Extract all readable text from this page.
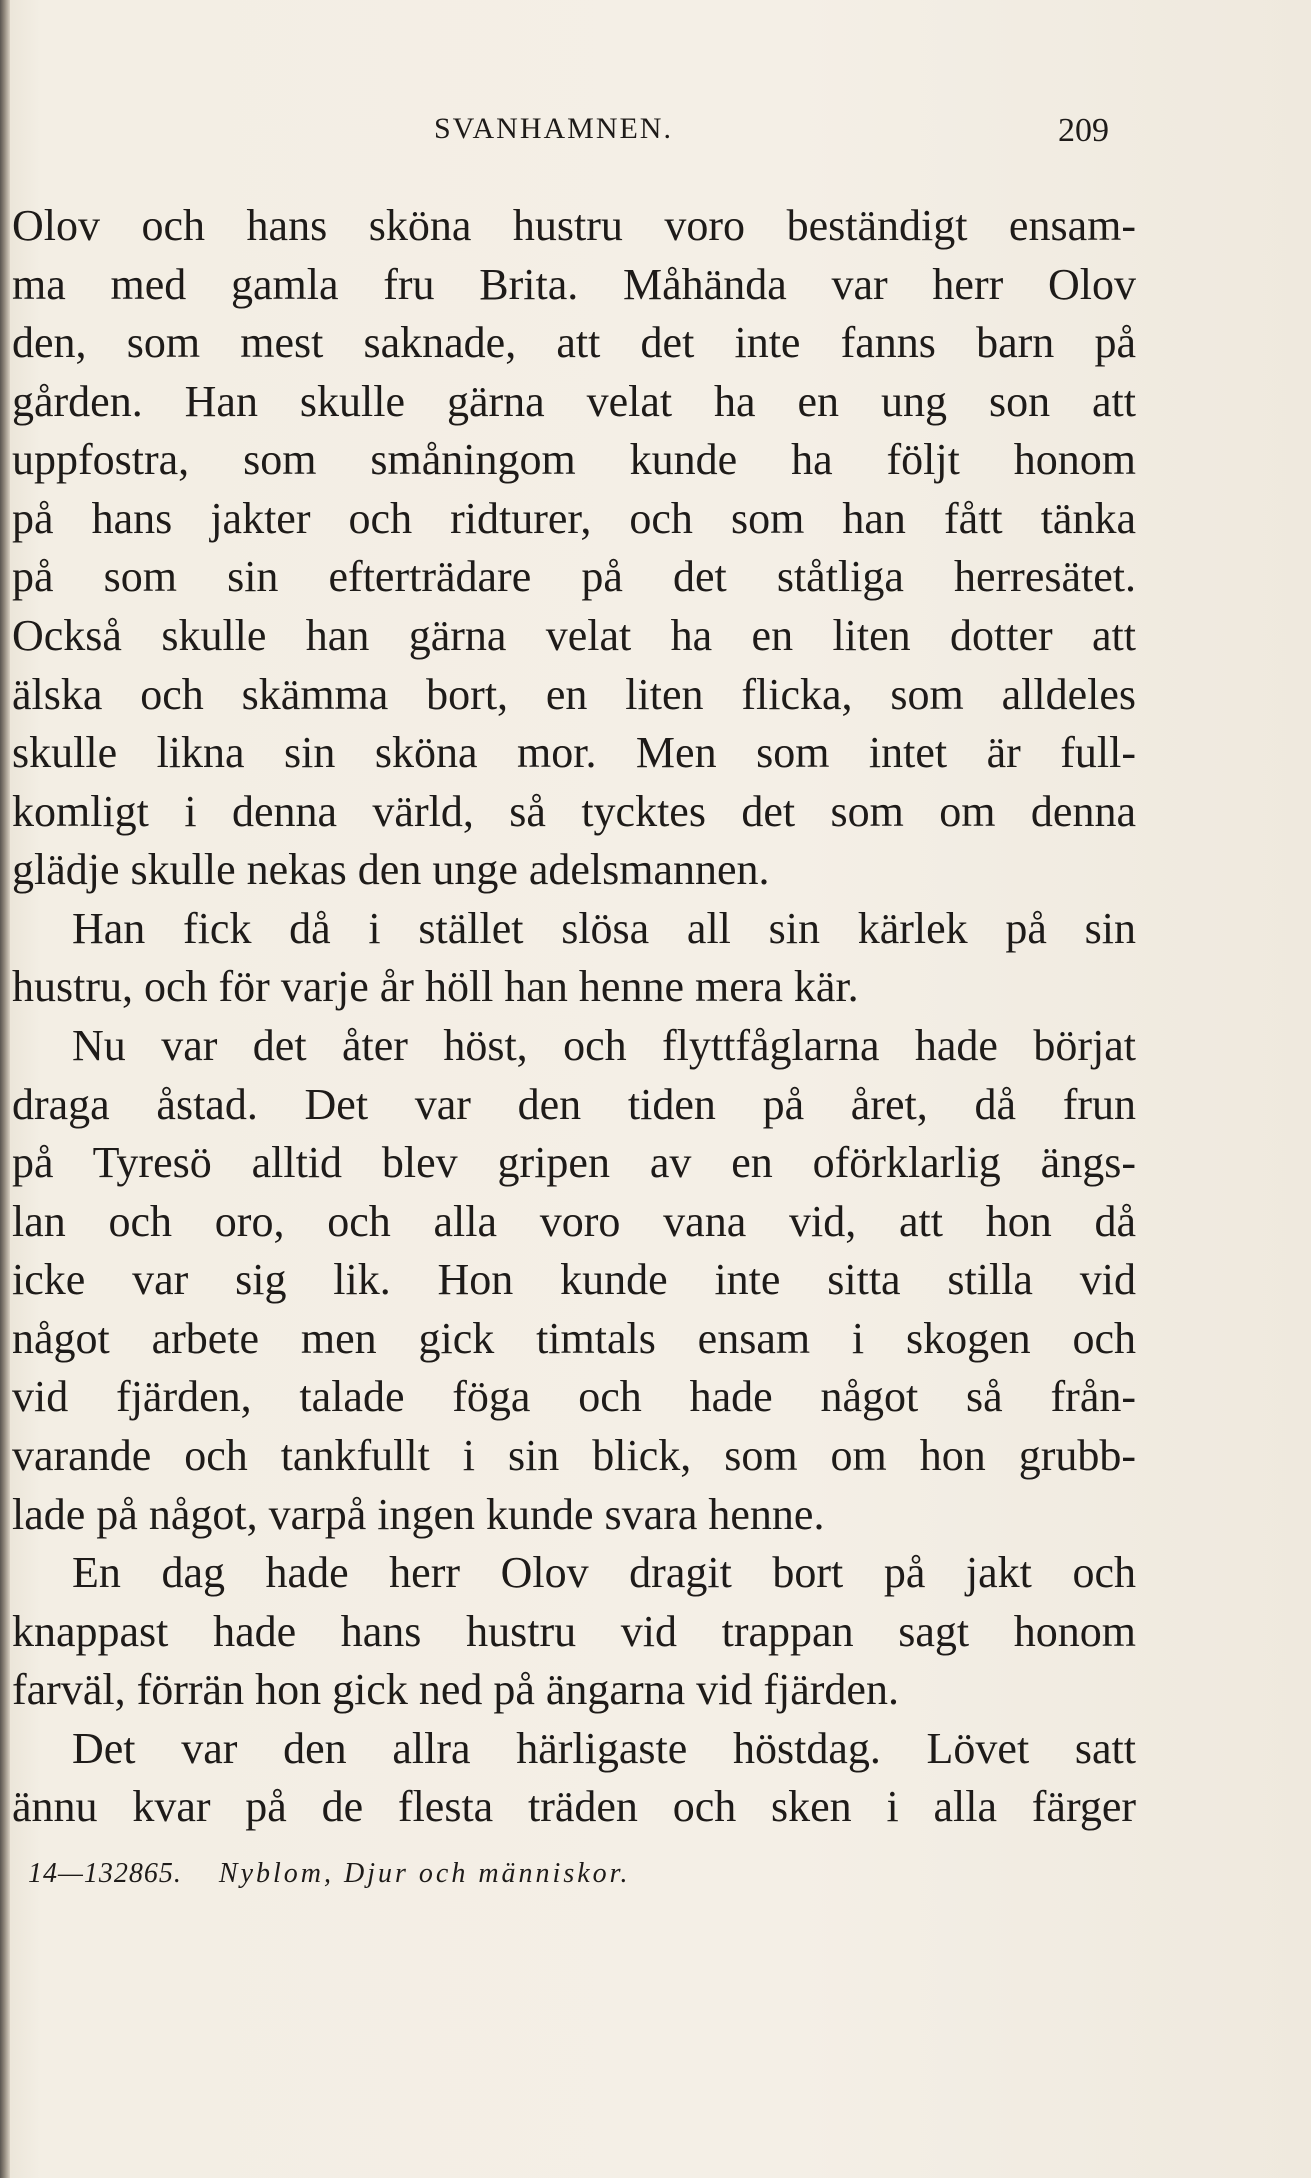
SVANHAMNEN.	209
Olov och hans sköna hustru voro beständigt ensam-
ma med gamla fru Brita. Måhända var herr Olov
den, som mest saknade, att det inte fanns barn på
gården. Han skulle gärna velat ha en ung son att
uppfostra, som småningom kunde ha följt honom
på hans jakter och ridturer, och som han fått tänka
på som sin efterträdare på det ståtliga herresätet.
Också skulle han gärna velat ha en liten dotter att
älska och skämma bort, en liten flicka, som alldeles
skulle likna sin sköna mor. Men som intet är full-
komligt i denna värld, så tycktes det som om denna
glädje skulle nekas den unge adelsmannen.
Han fick då i stället slösa all sin kärlek på sin
hustru, och för varje år höll han henne mera kär.
Nu var det åter höst, och flyttfåglarna hade börjat
draga åstad. Det var den tiden på året, då frun
på Tyresö alltid blev gripen av en oförklarlig ängs-
lan och oro, och alla voro vana vid, att hon då
icke var sig lik. Hon kunde inte sitta stilla vid
något arbete men gick timtals ensam i skogen och
vid fjärden, talade föga och hade något så från-
varande och tankfullt i sin blick, som om hon grubb-
lade på något, varpå ingen kunde svara henne.
En dag hade herr Olov dragit bort på jakt och
knappast hade hans hustru vid trappan sagt honom
farväl, förrän hon gick ned på ängarna vid fjärden.
Det var den allra härligaste höstdag. Lövet satt
ännu kvar på de flesta träden och sken i alla färger
14—132865. Nyblom, Djur och människor.
